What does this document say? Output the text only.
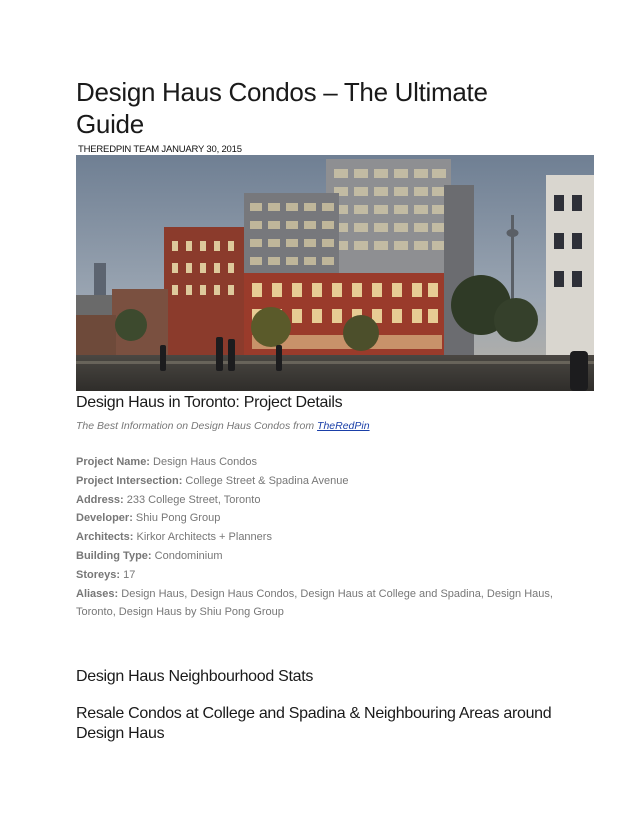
Design Haus Condos – The Ultimate Guide
THEREDPIN TEAM JANUARY 30, 2015
Design Haus in Toronto: Project Details
The Best Information on Design Haus Condos from TheRedPin
Project Name: Design Haus Condos
Project Intersection: College Street & Spadina Avenue
Address: 233 College Street, Toronto
Developer: Shiu Pong Group
Architects: Kirkor Architects + Planners
Building Type: Condominium
Storeys: 17
Aliases: Design Haus, Design Haus Condos, Design Haus at College and Spadina, Design Haus, Toronto, Design Haus by Shiu Pong Group
Design Haus Neighbourhood Stats
Resale Condos at College and Spadina & Neighbouring Areas around Design Haus
